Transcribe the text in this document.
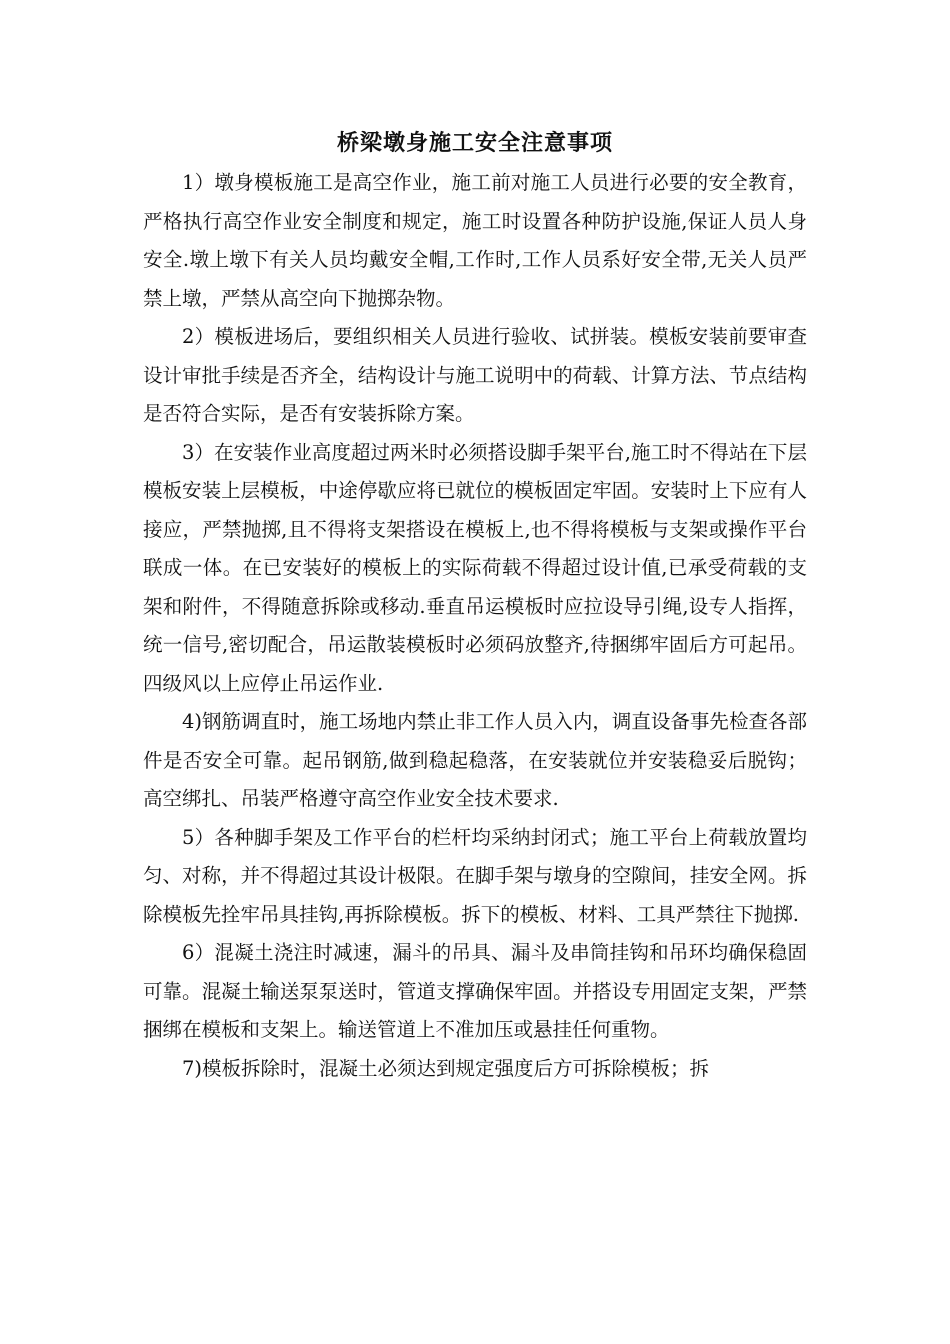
桥梁墩身施工安全注意事项

1）墩身模板施工是高空作业，施工前对施工人员进行必要的安全教育，严格执行高空作业安全制度和规定，施工时设置各种防护设施,保证人员人身安全.墩上墩下有关人员均戴安全帽,工作时,工作人员系好安全带,无关人员严禁上墩，严禁从高空向下抛掷杂物。

2）模板进场后，要组织相关人员进行验收、试拼装。模板安装前要审查设计审批手续是否齐全，结构设计与施工说明中的荷载、计算方法、节点结构是否符合实际，是否有安装拆除方案。

3）在安装作业高度超过两米时必须搭设脚手架平台,施工时不得站在下层模板安装上层模板，中途停歇应将已就位的模板固定牢固。安装时上下应有人接应，严禁抛掷,且不得将支架搭设在模板上,也不得将模板与支架或操作平台联成一体。在已安装好的模板上的实际荷载不得超过设计值,已承受荷载的支架和附件，不得随意拆除或移动.垂直吊运模板时应拉设导引绳,设专人指挥，统一信号,密切配合，吊运散装模板时必须码放整齐,待捆绑牢固后方可起吊。四级风以上应停止吊运作业.

4)钢筋调直时，施工场地内禁止非工作人员入内，调直设备事先检查各部件是否安全可靠。起吊钢筋,做到稳起稳落，在安装就位并安装稳妥后脱钩；高空绑扎、吊装严格遵守高空作业安全技术要求.

5）各种脚手架及工作平台的栏杆均采纳封闭式；施工平台上荷载放置均匀、对称，并不得超过其设计极限。在脚手架与墩身的空隙间，挂安全网。拆除模板先拴牢吊具挂钩,再拆除模板。拆下的模板、材料、工具严禁往下抛掷.

6）混凝土浇注时减速，漏斗的吊具、漏斗及串筒挂钩和吊环均确保稳固可靠。混凝土输送泵泵送时，管道支撑确保牢固。并搭设专用固定支架，严禁捆绑在模板和支架上。输送管道上不准加压或悬挂任何重物。

7)模板拆除时，混凝土必须达到规定强度后方可拆除模板；拆
